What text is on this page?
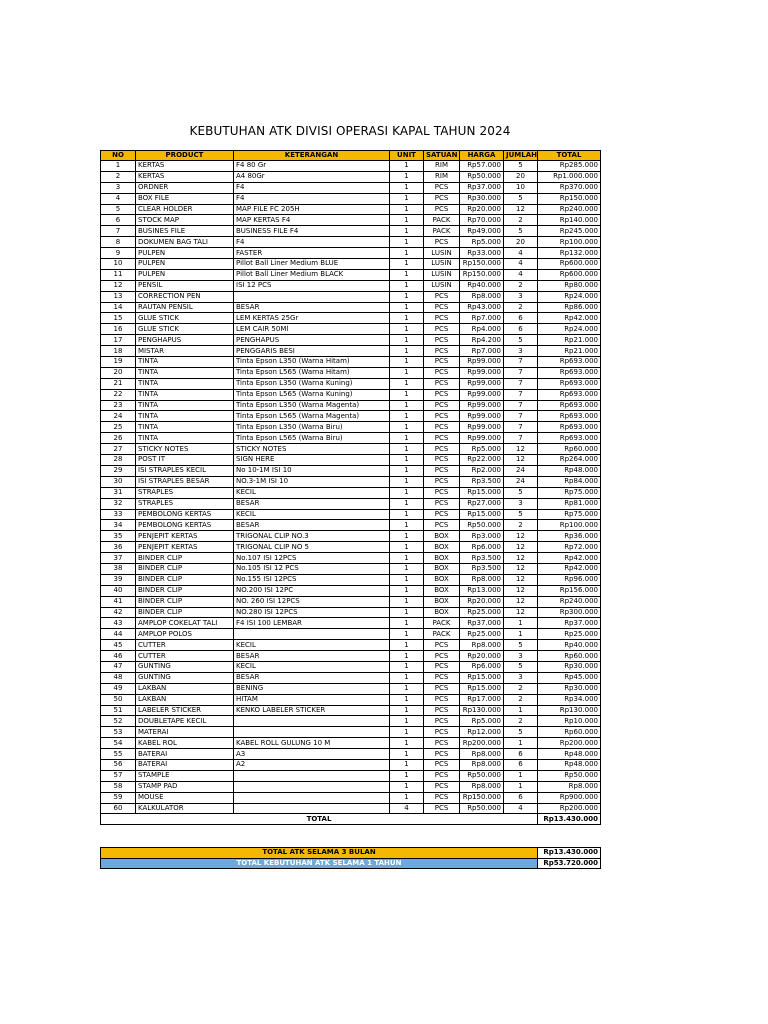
KEBUTUHAN ATK DIVISI OPERASI KAPAL TAHUN 2024
NO	PRODUCT	KETERANGAN	UNIT	SATUAN	HARGA	JUMLAH	TOTAL
1	KERTAS	F4 80 Gr	1	RIM	Rp57.000	5	Rp285.000
2	KERTAS	A4 80Gr	1	RIM	Rp50.000	20	Rp1.000.000
3	ORDNER	F4	1	PCS	Rp37.000	10	Rp370.000
4	BOX FILE	F4	1	PCS	Rp30.000	5	Rp150.000
5	CLEAR HOLDER	MAP FILE FC 205H	1	PCS	Rp20.000	12	Rp240.000
6	STOCK MAP	MAP KERTAS F4	1	PACK	Rp70.000	2	Rp140.000
7	BUSINES FILE	BUSINESS FILE F4	1	PACK	Rp49.000	5	Rp245.000
8	DOKUMEN BAG TALI	F4	1	PCS	Rp5.000	20	Rp100.000
9	PULPEN	FASTER	1	LUSIN	Rp33.000	4	Rp132.000
10	PULPEN	Pillot Ball Liner Medium BLUE	1	LUSIN	Rp150.000	4	Rp600.000
11	PULPEN	Pillot Ball Liner Medium BLACK	1	LUSIN	Rp150.000	4	Rp600.000
12	PENSIL	ISI 12 PCS	1	LUSIN	Rp40.000	2	Rp80.000
13	CORRECTION PEN		1	PCS	Rp8.000	3	Rp24.000
14	RAUTAN PENSIL	BESAR	1	PCS	Rp43.000	2	Rp86.000
15	GLUE STICK	LEM KERTAS 25Gr	1	PCS	Rp7.000	6	Rp42.000
16	GLUE STICK	LEM CAIR 50Ml	1	PCS	Rp4.000	6	Rp24.000
17	PENGHAPUS	PENGHAPUS	1	PCS	Rp4.200	5	Rp21.000
18	MISTAR	PENGGARIS BESI	1	PCS	Rp7.000	3	Rp21.000
19	TINTA	Tinta Epson L350 (Warna Hitam)	1	PCS	Rp99.000	7	Rp693.000
20	TINTA	Tinta Epson L565 (Warna Hitam)	1	PCS	Rp99.000	7	Rp693.000
21	TINTA	Tinta Epson L350 (Warna Kuning)	1	PCS	Rp99.000	7	Rp693.000
22	TINTA	Tinta Epson L565 (Warna Kuning)	1	PCS	Rp99.000	7	Rp693.000
23	TINTA	Tinta Epson L350 (Warna Magenta)	1	PCS	Rp99.000	7	Rp693.000
24	TINTA	Tinta Epson L565 (Warna Magenta)	1	PCS	Rp99.000	7	Rp693.000
25	TINTA	Tinta Epson L350 (Warna Biru)	1	PCS	Rp99.000	7	Rp693.000
26	TINTA	Tinta Epson L565 (Warna Biru)	1	PCS	Rp99.000	7	Rp693.000
27	STICKY NOTES	STICKY NOTES	1	PCS	Rp5.000	12	Rp60.000
28	POST IT	SIGN HERE	1	PCS	Rp22.000	12	Rp264.000
29	ISI STRAPLES KECIL	No 10-1M ISI 10	1	PCS	Rp2.000	24	Rp48.000
30	ISI STRAPLES BESAR	NO.3-1M ISI 10	1	PCS	Rp3.500	24	Rp84.000
31	STRAPLES	KECIL	1	PCS	Rp15.000	5	Rp75.000
32	STRAPLES	BESAR	1	PCS	Rp27.000	3	Rp81.000
33	PEMBOLONG KERTAS	KECIL	1	PCS	Rp15.000	5	Rp75.000
34	PEMBOLONG KERTAS	BESAR	1	PCS	Rp50.000	2	Rp100.000
35	PENJEPIT KERTAS	TRIGONAL CLIP NO.3	1	BOX	Rp3.000	12	Rp36.000
36	PENJEPIT KERTAS	TRIGONAL CLIP NO 5	1	BOX	Rp6.000	12	Rp72.000
37	BINDER CLIP	No.107 ISI 12PCS	1	BOX	Rp3.500	12	Rp42.000
38	BINDER CLIP	No.105 ISI 12 PCS	1	BOX	Rp3.500	12	Rp42.000
39	BINDER CLIP	No.155 ISI 12PCS	1	BOX	Rp8.000	12	Rp96.000
40	BINDER CLIP	NO.200 ISI 12PC	1	BOX	Rp13.000	12	Rp156.000
41	BINDER CLIP	NO. 260 ISI 12PCS	1	BOX	Rp20.000	12	Rp240.000
42	BINDER CLIP	NO.280 ISI 12PCS	1	BOX	Rp25.000	12	Rp300.000
43	AMPLOP COKELAT TALI	F4 ISI 100 LEMBAR	1	PACK	Rp37.000	1	Rp37.000
44	AMPLOP POLOS		1	PACK	Rp25.000	1	Rp25.000
45	CUTTER	KECIL	1	PCS	Rp8.000	5	Rp40.000
46	CUTTER	BESAR	1	PCS	Rp20.000	3	Rp60.000
47	GUNTING	KECIL	1	PCS	Rp6.000	5	Rp30.000
48	GUNTING	BESAR	1	PCS	Rp15.000	3	Rp45.000
49	LAKBAN	BENING	1	PCS	Rp15.000	2	Rp30.000
50	LAKBAN	HITAM	1	PCS	Rp17.000	2	Rp34.000
51	LABELER STICKER	KENKO LABELER STICKER	1	PCS	Rp130.000	1	Rp130.000
52	DOUBLETAPE KECIL		1	PCS	Rp5.000	2	Rp10.000
53	MATERAI		1	PCS	Rp12.000	5	Rp60.000
54	KABEL ROL	KABEL ROLL GULUNG 10 M	1	PCS	Rp200.000	1	Rp200.000
55	BATERAI	A3	1	PCS	Rp8.000	6	Rp48.000
56	BATERAI	A2	1	PCS	Rp8.000	6	Rp48.000
57	STAMPLE		1	PCS	Rp50.000	1	Rp50.000
58	STAMP PAD		1	PCS	Rp8.000	1	Rp8.000
59	MOUSE		1	PCS	Rp150.000	6	Rp900.000
60	KALKULATOR		4	PCS	Rp50.000	4	Rp200.000
TOTAL							Rp13.430.000
TOTAL ATK SELAMA 3 BULAN	Rp13.430.000
TOTAL KEBUTUHAN ATK SELAMA 1 TAHUN	Rp53.720.000
